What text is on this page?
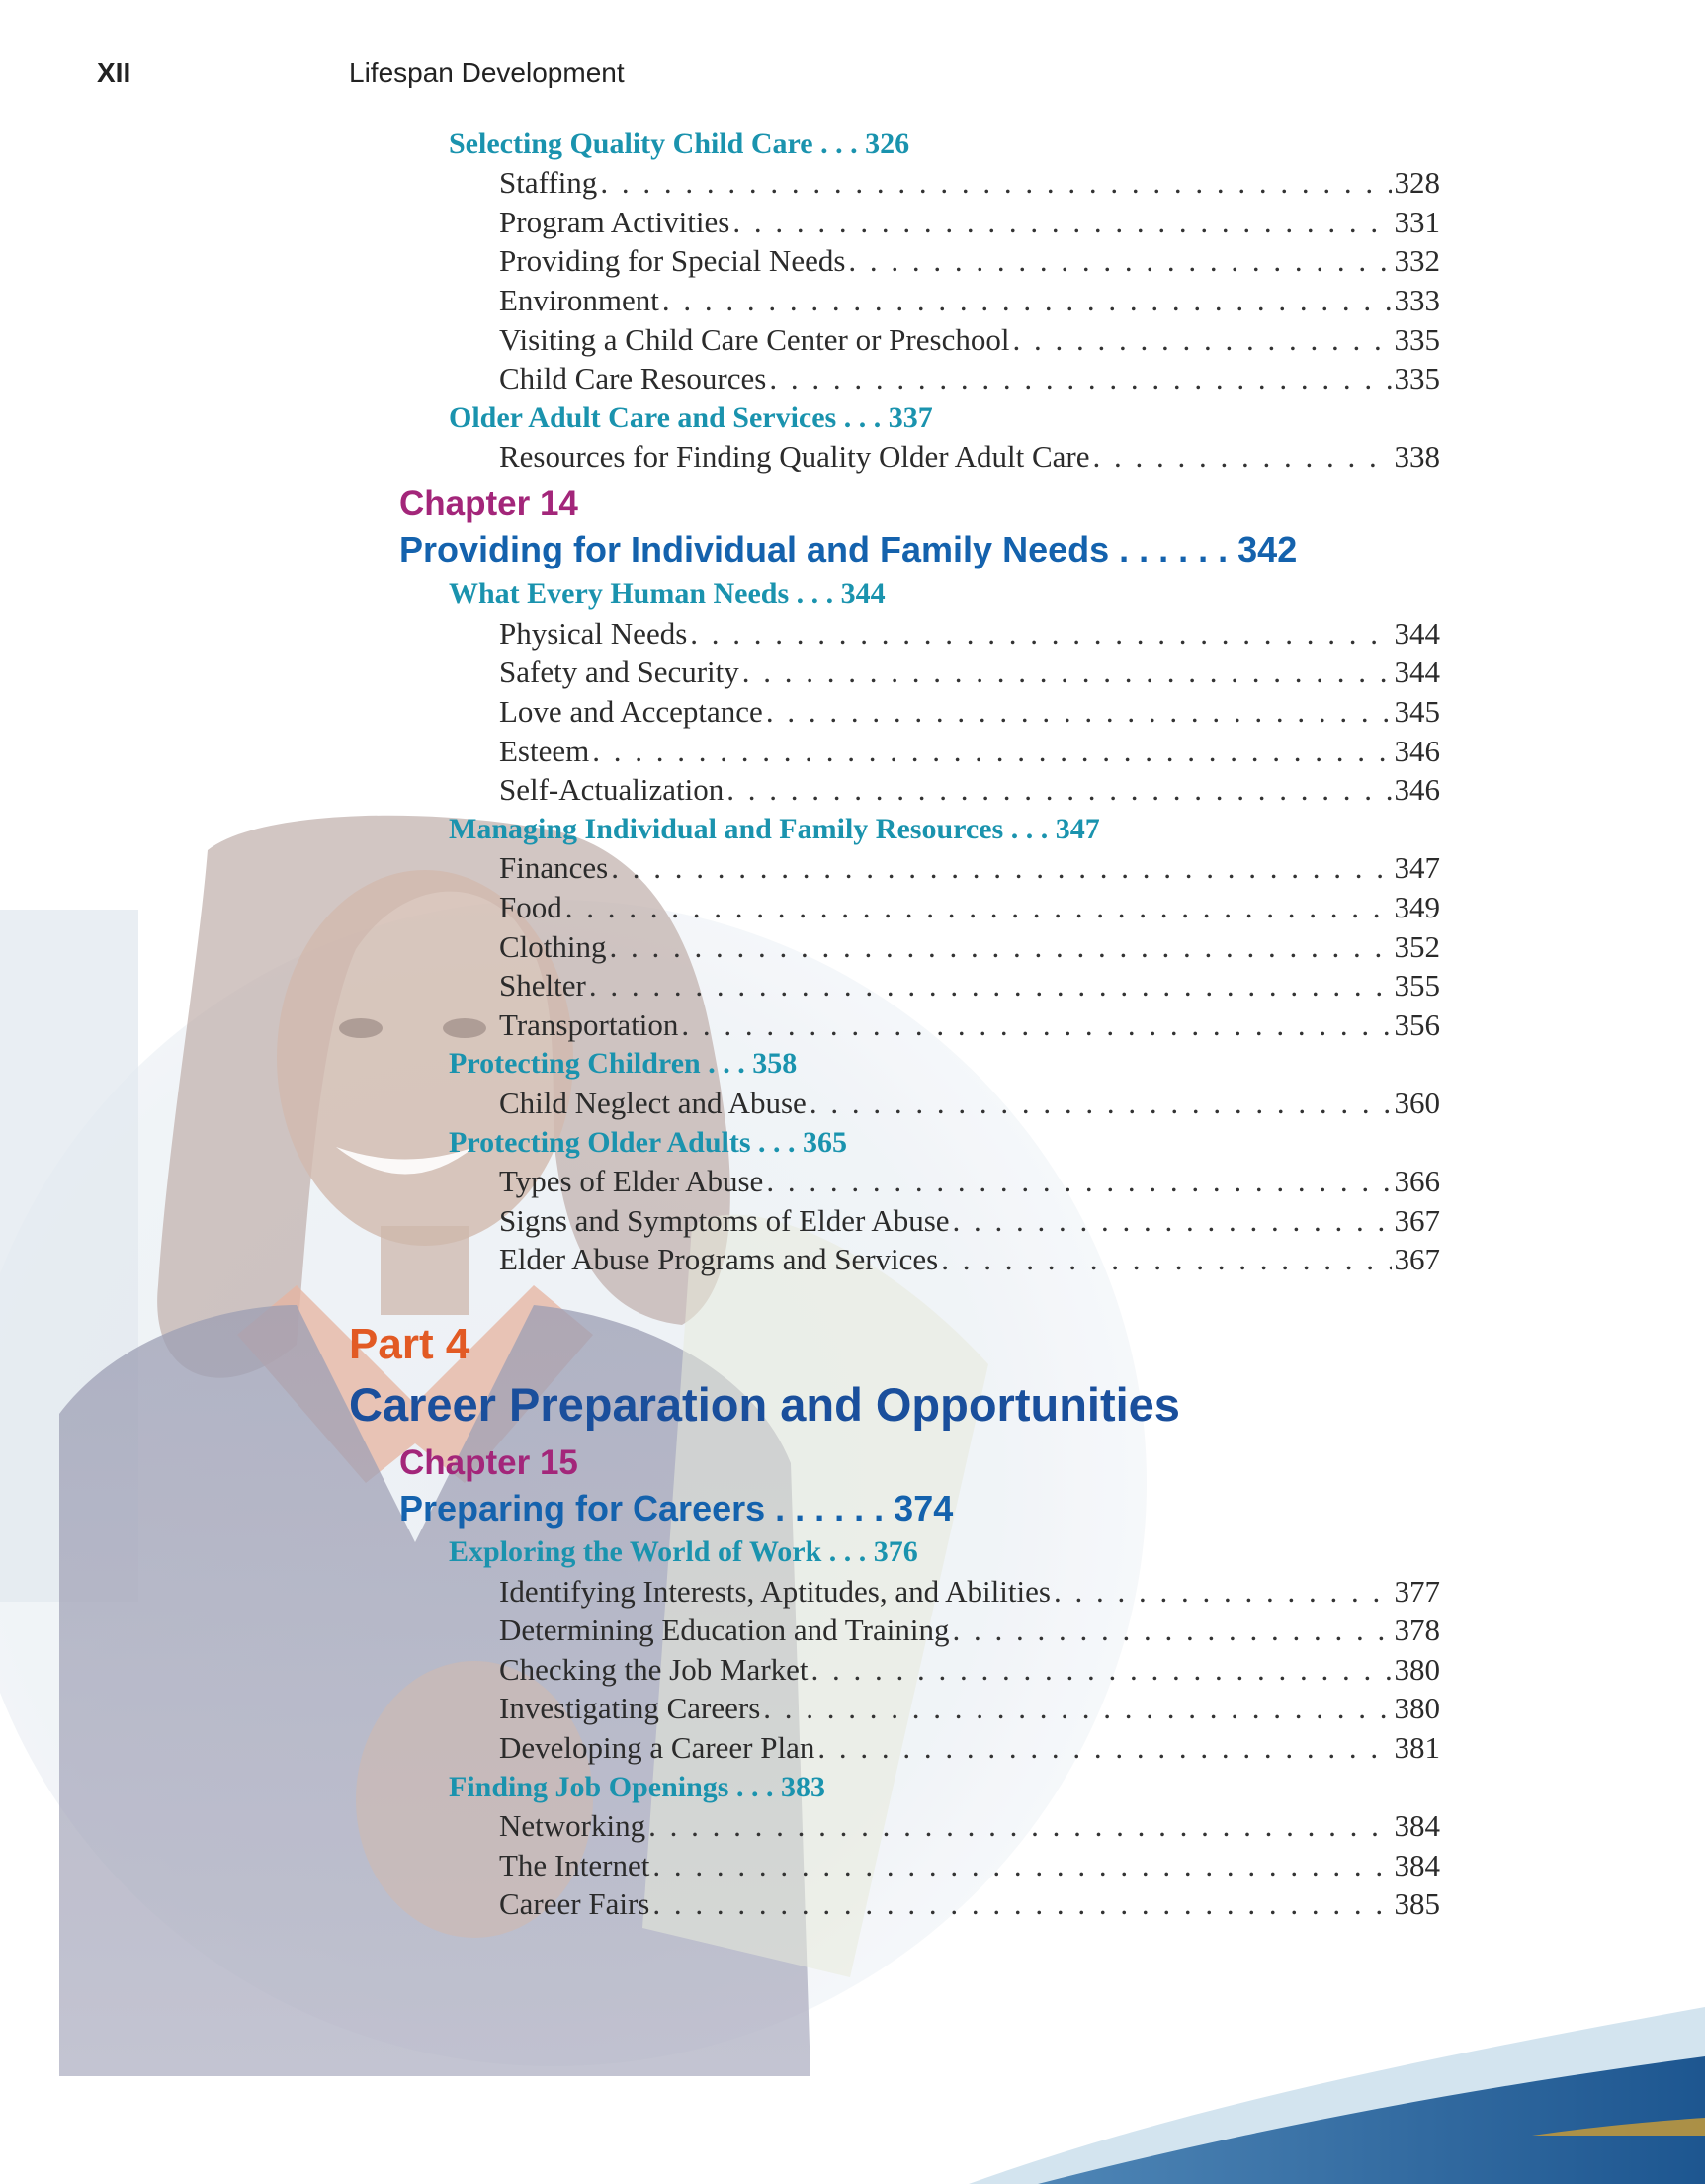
XII	Lifespan Development
Selecting Quality Child Care . . . 326
Staffing . . .	328
Program Activities . . .	331
Providing for Special Needs . . .	332
Environment . . .	333
Visiting a Child Care Center or Preschool . . .	335
Child Care Resources . . .	335
Older Adult Care and Services . . . 337
Resources for Finding Quality Older Adult Care . . .	338
Chapter 14
Providing for Individual and Family Needs . . . . . . 342
What Every Human Needs . . . 344
Physical Needs . . .	344
Safety and Security . . .	344
Love and Acceptance . . .	345
Esteem . . .	346
Self-Actualization . . .	346
Managing Individual and Family Resources . . . 347
Finances . . .	347
Food . . .	349
Clothing . . .	352
Shelter . . .	355
Transportation . . .	356
Protecting Children . . . 358
Child Neglect and Abuse . . .	360
Protecting Older Adults . . . 365
Types of Elder Abuse . . .	366
Signs and Symptoms of Elder Abuse . . .	367
Elder Abuse Programs and Services . . .	367
Part 4
Career Preparation and Opportunities
Chapter 15
Preparing for Careers . . . . . . 374
Exploring the World of Work . . . 376
Identifying Interests, Aptitudes, and Abilities . . .	377
Determining Education and Training . . .	378
Checking the Job Market . . .	380
Investigating Careers . . .	380
Developing a Career Plan . . .	381
Finding Job Openings . . . 383
Networking . . .	384
The Internet . . .	384
Career Fairs . . .	385
